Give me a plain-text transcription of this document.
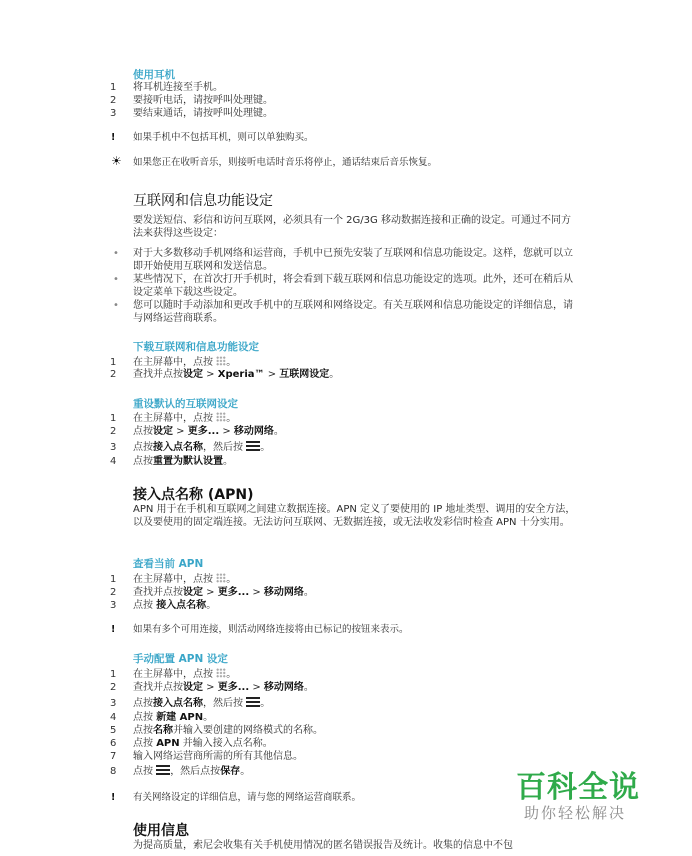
使用耳机
1 将耳机连接至手机。
2 要接听电话，请按呼叫处理键。
3 要结束通话，请按呼叫处理键。
! 如果手机中不包括耳机，则可以单独购买。
☀ 如果您正在收听音乐，则接听电话时音乐将停止，通话结束后音乐恢复。
互联网和信息功能设定
要发送短信、彩信和访问互联网，必须具有一个 2G/3G 移动数据连接和正确的设定。可通过不同方法来获得这些设定：
•	对于大多数移动手机网络和运营商，手机中已预先安装了互联网和信息功能设定。这样，您就可以立即开始使用互联网和发送信息。
•	某些情况下，在首次打开手机时，将会看到下载互联网和信息功能设定的选项。此外，还可在稍后从设定菜单下载这些设定。
•	您可以随时手动添加和更改手机中的互联网和网络设定。有关互联网和信息功能设定的详细信息，请与网络运营商联系。
下载互联网和信息功能设定
1 在主屏幕中，点按 。
2 查找并点按设定 > Xperia™ > 互联网设定。
重设默认的互联网设定
1 在主屏幕中，点按 。
2 点按设定 > 更多... > 移动网络。
3 点按接入点名称，然后按 。
4 点按重置为默认设置。
接入点名称 (APN)
APN 用于在手机和互联网之间建立数据连接。APN 定义了要使用的 IP 地址类型、调用的安全方法，以及要使用的固定端连接。无法访问互联网、无数据连接，或无法收发彩信时检查 APN 十分实用。
查看当前 APN
1 在主屏幕中，点按 。
2 查找并点按设定 > 更多... > 移动网络。
3 点按 接入点名称。
! 如果有多个可用连接，则活动网络连接将由已标记的按钮来表示。
手动配置 APN 设定
1 在主屏幕中，点按 。
2 查找并点按设定 > 更多... > 移动网络。
3 点按接入点名称，然后按 。
4 点按 新建 APN。
5 点按名称并输入要创建的网络模式的名称。
6 点按 APN 并输入接入点名称。
7 输入网络运营商所需的所有其他信息。
8 点按 ，然后点按保存。
! 有关网络设定的详细信息，请与您的网络运营商联系。
使用信息
为提高质量，索尼会收集有关手机使用情况的匿名错误报告及统计。收集的信息中不包
百科全说
助你轻松解决
